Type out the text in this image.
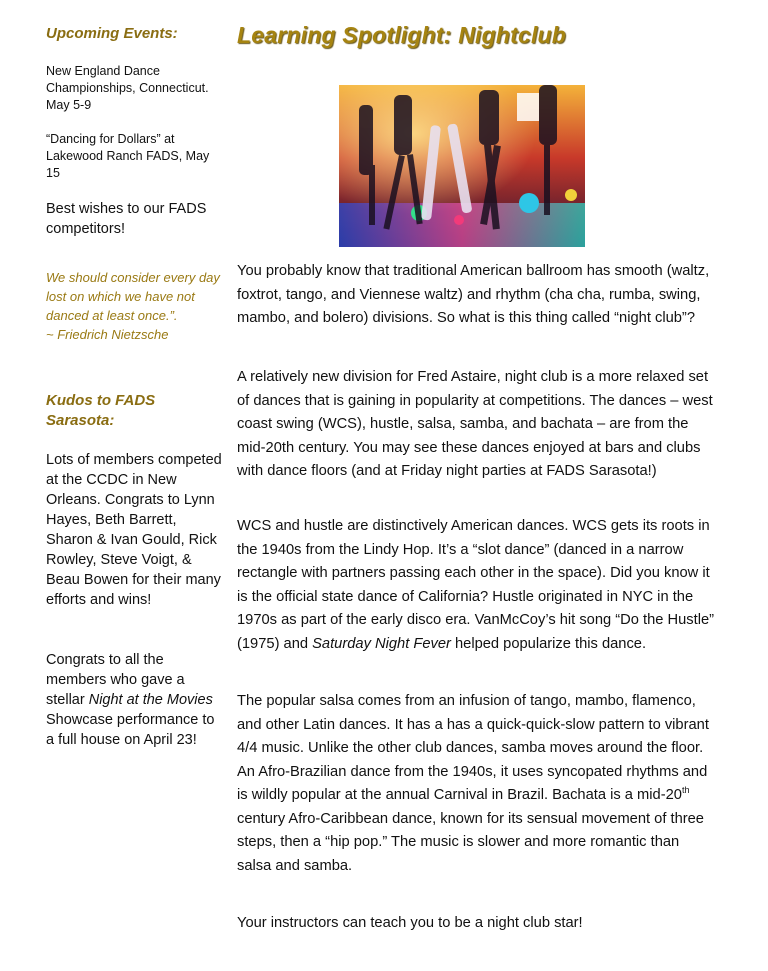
Upcoming Events:

New England Dance Championships, Connecticut. May 5-9

“Dancing for Dollars” at Lakewood Ranch FADS, May 15

Best wishes to our FADS competitors!

We should consider every day lost on which we have not danced at least once.”.

~ Friedrich Nietzsche

Kudos to FADS Sarasota:

Lots of members competed at the CCDC in New Orleans. Congrats to Lynn Hayes, Beth Barrett, Sharon & Ivan Gould, Rick Rowley, Steve Voigt, & Beau Bowen for their many efforts and wins!

Congrats to all the members who gave a stellar Night at the Movies Showcase performance to a full house on April 23!

Learning Spotlight: Nightclub

You probably know that traditional American ballroom has smooth (waltz, foxtrot, tango, and Viennese waltz) and rhythm (cha cha, rumba, swing, mambo, and bolero) divisions. So what is this thing called “night club”?

A relatively new division for Fred Astaire, night club is a more relaxed set of dances that is gaining in popularity at competitions. The dances – west coast swing (WCS), hustle, salsa, samba, and bachata – are from the mid-20th century. You may see these dances enjoyed at bars and clubs with dance floors (and at Friday night parties at FADS Sarasota!)

WCS and hustle are distinctively American dances. WCS gets its roots in the 1940s from the Lindy Hop. It’s a “slot dance” (danced in a narrow rectangle with partners passing each other in the space). Did you know it is the official state dance of California? Hustle originated in NYC in the 1970s as part of the early disco era. VanMcCoy’s hit song “Do the Hustle” (1975) and Saturday Night Fever helped popularize this dance.

The popular salsa comes from an infusion of tango, mambo, flamenco, and other Latin dances. It has a has a quick-quick-slow pattern to vibrant 4/4 music. Unlike the other club dances, samba moves around the floor. An Afro-Brazilian dance from the 1940s, it uses syncopated rhythms and is wildly popular at the annual Carnival in Brazil. Bachata is a mid-20th century Afro-Caribbean dance, known for its sensual movement of three steps, then a “hip pop.” The music is slower and more romantic than salsa and samba.

Your instructors can teach you to be a night club star!
